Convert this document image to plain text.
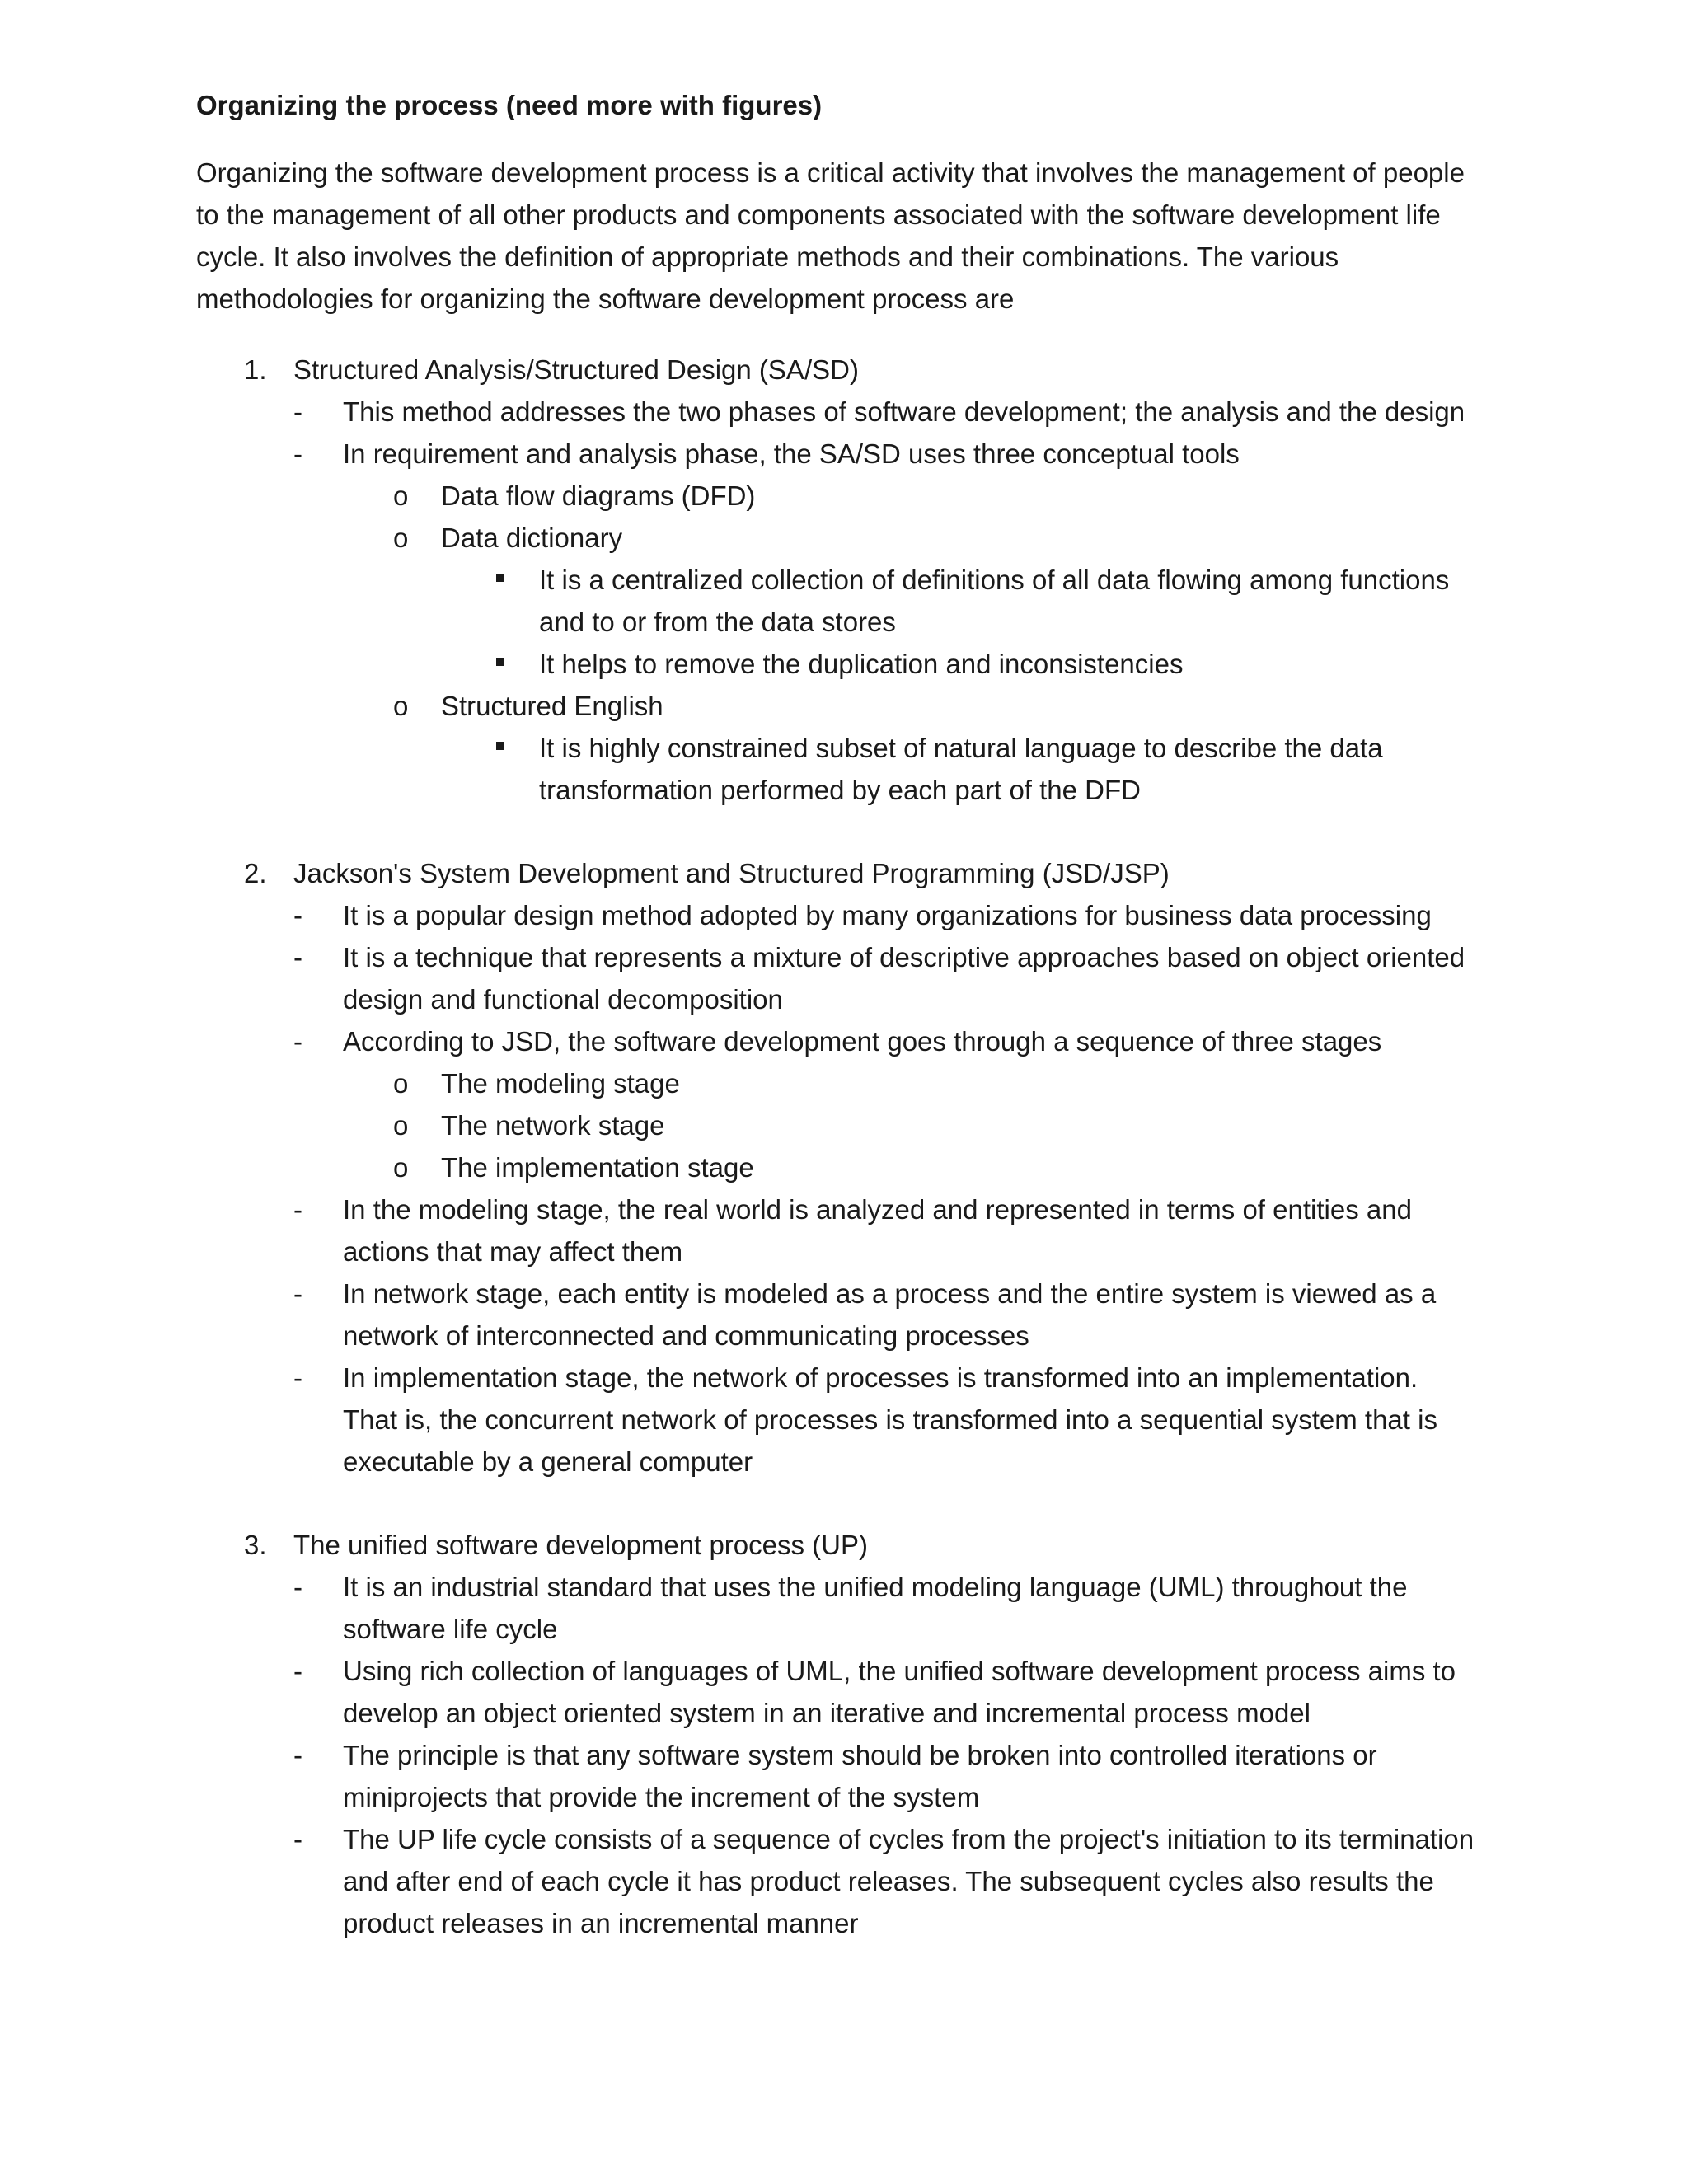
Organizing the process (need more with figures)

Organizing the software development process is a critical activity that involves the management of people
to the management of all other products and components associated with the software development life
cycle. It also involves the definition of appropriate methods and their combinations. The various
methodologies for organizing the software development process are

1. Structured Analysis/Structured Design (SA/SD)
- This method addresses the two phases of software development; the analysis and the design
- In requirement and analysis phase, the SA/SD uses three conceptual tools
o Data flow diagrams (DFD)
o Data dictionary
It is a centralized collection of definitions of all data flowing among functions
and to or from the data stores
It helps to remove the duplication and inconsistencies
o Structured English
It is highly constrained subset of natural language to describe the data
transformation performed by each part of the DFD
2. Jackson's System Development and Structured Programming (JSD/JSP)
- It is a popular design method adopted by many organizations for business data processing
- It is a technique that represents a mixture of descriptive approaches based on object oriented
design and functional decomposition
- According to JSD, the software development goes through a sequence of three stages
o The modeling stage
o The network stage
o The implementation stage
- In the modeling stage, the real world is analyzed and represented in terms of entities and
actions that may affect them
- In network stage, each entity is modeled as a process and the entire system is viewed as a
network of interconnected and communicating processes
- In implementation stage, the network of processes is transformed into an implementation.
That is, the concurrent network of processes is transformed into a sequential system that is
executable by a general computer
3. The unified software development process (UP)
- It is an industrial standard that uses the unified modeling language (UML) throughout the
software life cycle
- Using rich collection of languages of UML, the unified software development process aims to
develop an object oriented system in an iterative and incremental process model
- The principle is that any software system should be broken into controlled iterations or
miniprojects that provide the increment of the system
- The UP life cycle consists of a sequence of cycles from the project's initiation to its termination
and after end of each cycle it has product releases. The subsequent cycles also results the
product releases in an incremental manner
